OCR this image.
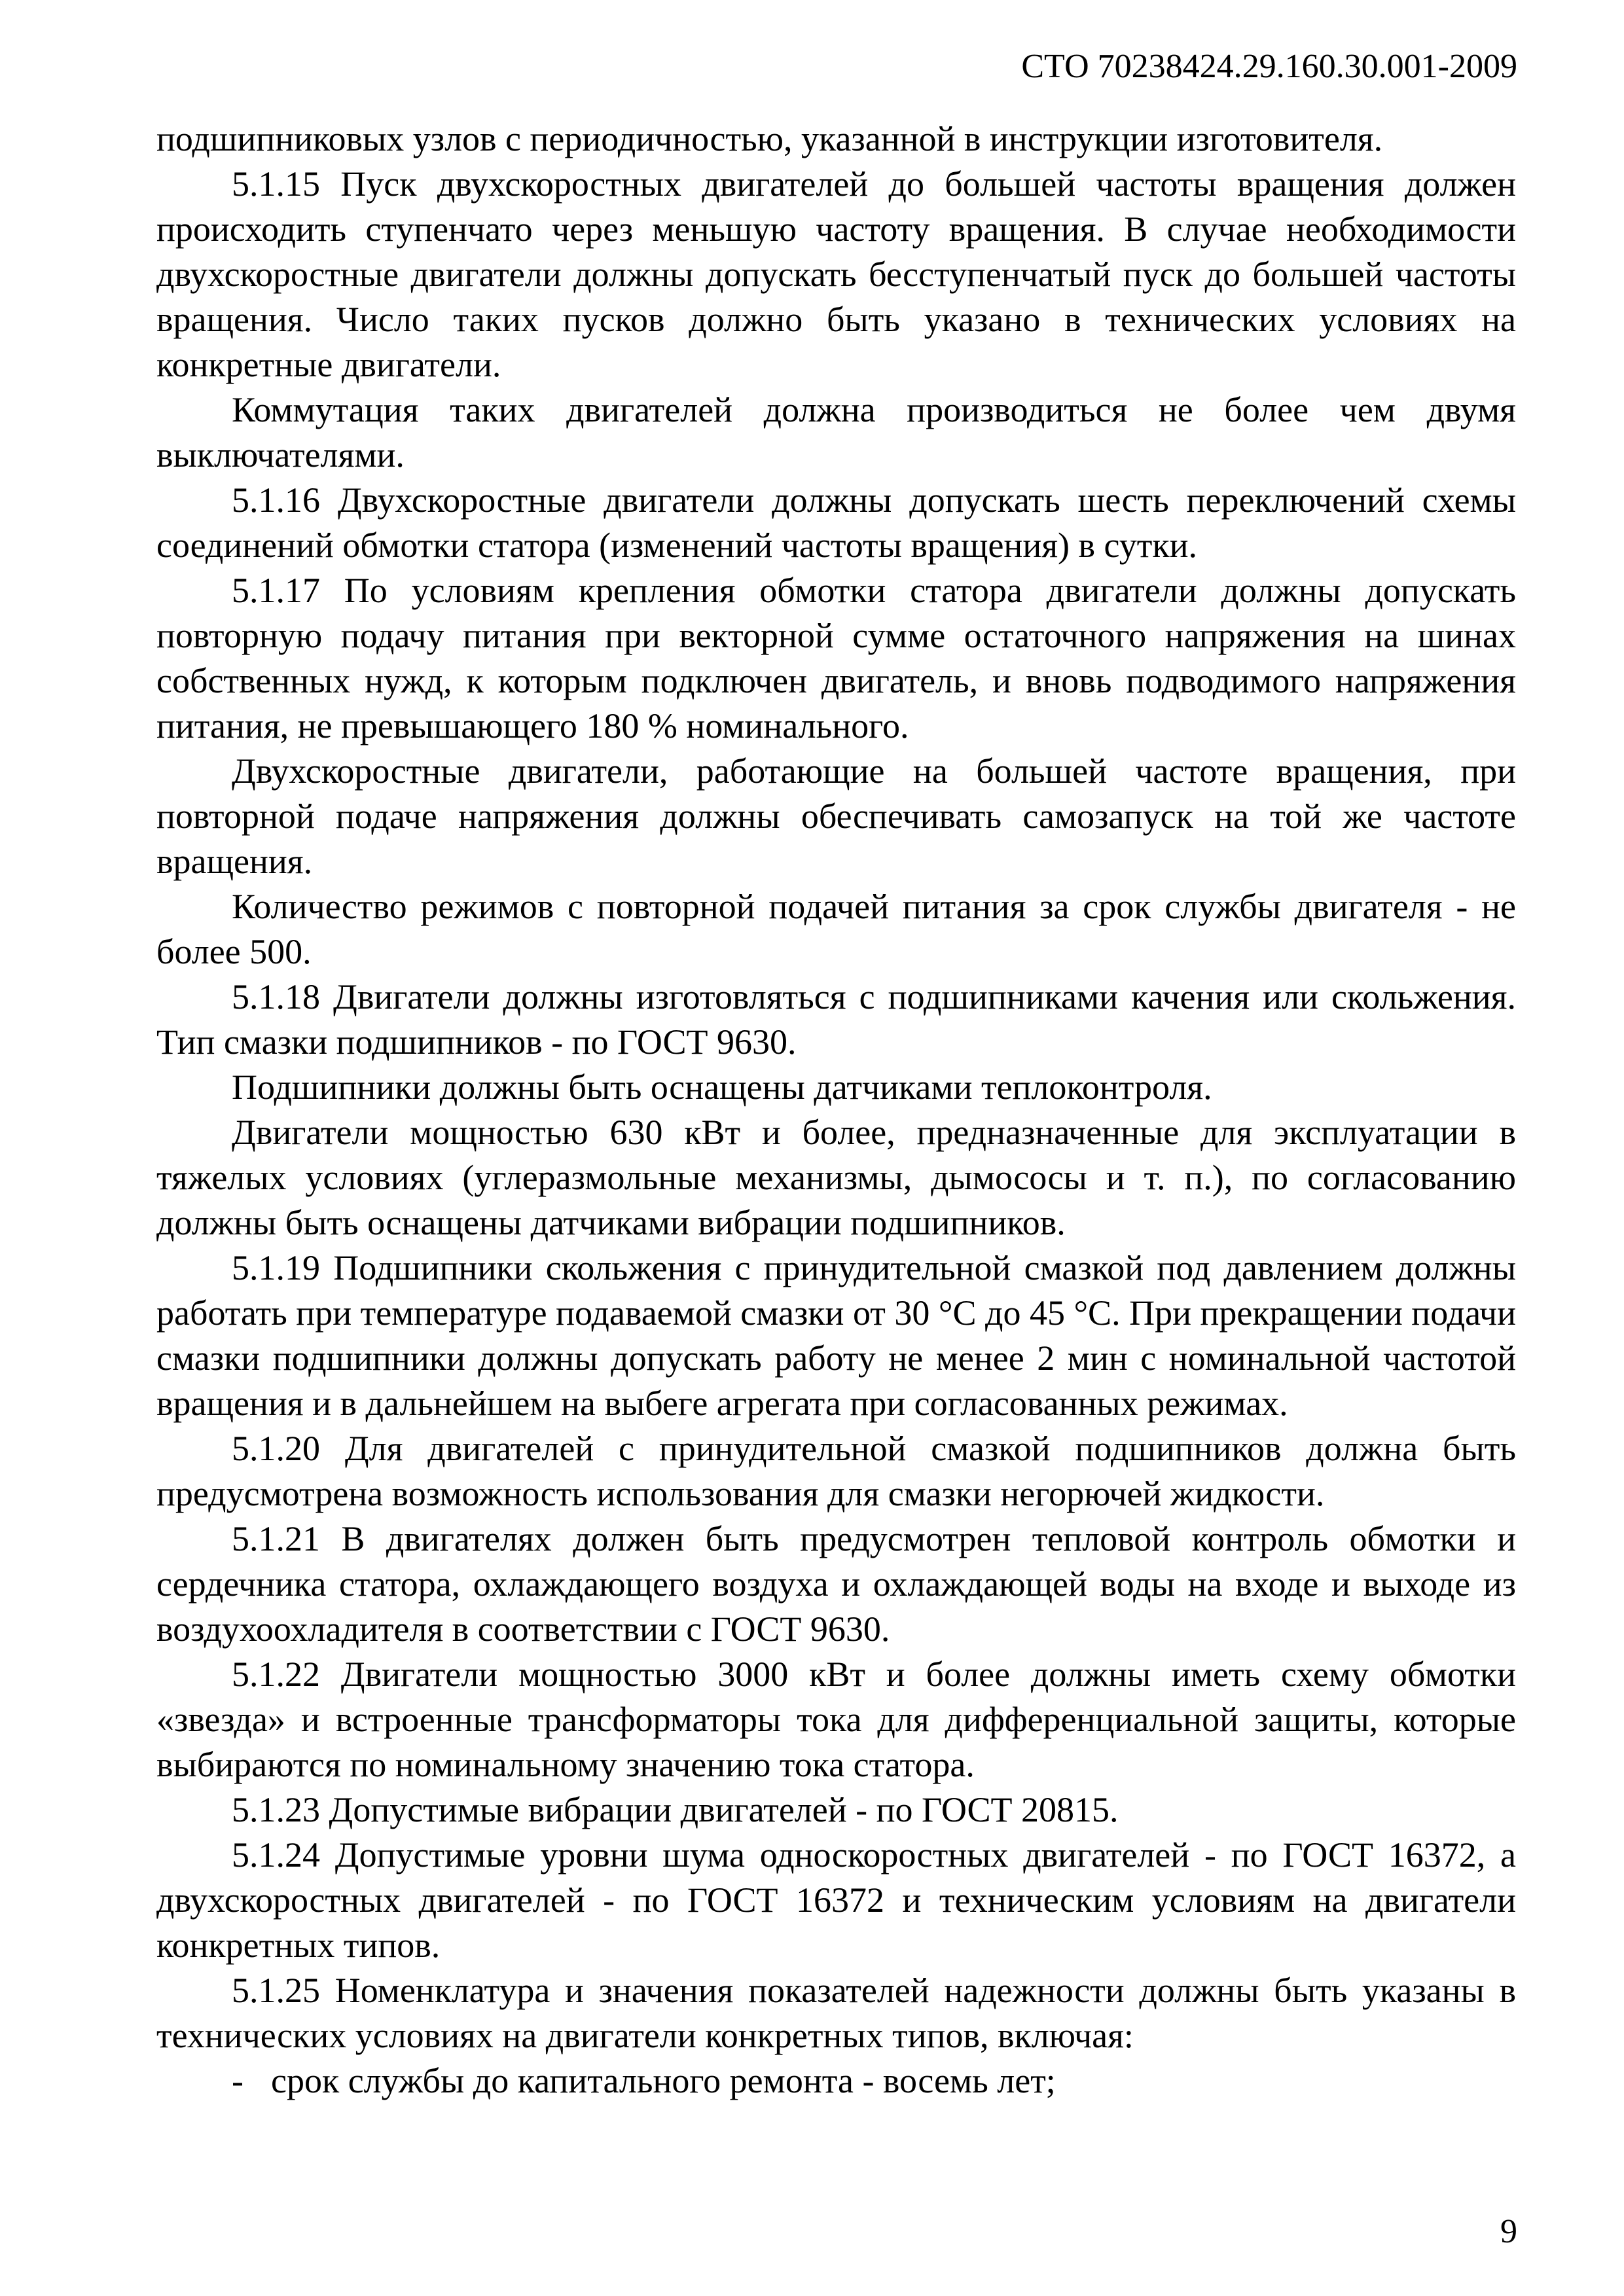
СТО 70238424.29.160.30.001-2009

подшипниковых узлов с периодичностью, указанной в инструкции изготовителя.

5.1.15 Пуск двухскоростных двигателей до большей частоты вращения должен происходить ступенчато через меньшую частоту вращения. В случае необходимости двухскоростные двигатели должны допускать бесступенчатый пуск до большей частоты вращения. Число таких пусков должно быть указано в технических условиях на конкретные двигатели.

Коммутация таких двигателей должна производиться не более чем двумя выключателями.

5.1.16 Двухскоростные двигатели должны допускать шесть переключений схемы соединений обмотки статора (изменений частоты вращения) в сутки.

5.1.17 По условиям крепления обмотки статора двигатели должны допускать повторную подачу питания при векторной сумме остаточного напряжения на шинах собственных нужд, к которым подключен двигатель, и вновь подводимого напряжения питания, не превышающего 180 % номинального.

Двухскоростные двигатели, работающие на большей частоте вращения, при повторной подаче напряжения должны обеспечивать самозапуск на той же частоте вращения.

Количество режимов с повторной подачей питания за срок службы двигателя - не более 500.

5.1.18 Двигатели должны изготовляться с подшипниками качения или скольжения. Тип смазки подшипников - по ГОСТ 9630.

Подшипники должны быть оснащены датчиками теплоконтроля.

Двигатели мощностью 630 кВт и более, предназначенные для эксплуатации в тяжелых условиях (углеразмольные механизмы, дымососы и т. п.), по согласованию должны быть оснащены датчиками вибрации подшипников.

5.1.19 Подшипники скольжения с принудительной смазкой под давлением должны работать при температуре подаваемой смазки от 30 °С до 45 °С. При прекращении подачи смазки подшипники должны допускать работу не менее 2 мин с номинальной частотой вращения и в дальнейшем на выбеге агрегата при согласованных режимах.

5.1.20 Для двигателей с принудительной смазкой подшипников должна быть предусмотрена возможность использования для смазки негорючей жидкости.

5.1.21 В двигателях должен быть предусмотрен тепловой контроль обмотки и сердечника статора, охлаждающего воздуха и охлаждающей воды на входе и выходе из воздухоохладителя в соответствии с ГОСТ 9630.

5.1.22 Двигатели мощностью 3000 кВт и более должны иметь схему обмотки «звезда» и встроенные трансформаторы тока для дифференциальной защиты, которые выбираются по номинальному значению тока статора.

5.1.23 Допустимые вибрации двигателей - по ГОСТ 20815.

5.1.24 Допустимые уровни шума односкоростных двигателей - по ГОСТ 16372, а двухскоростных двигателей - по ГОСТ 16372 и техническим условиям на двигатели конкретных типов.

5.1.25 Номенклатура и значения показателей надежности должны быть указаны в технических условиях на двигатели конкретных типов, включая:

- срок службы до капитального ремонта - восемь лет;
9
